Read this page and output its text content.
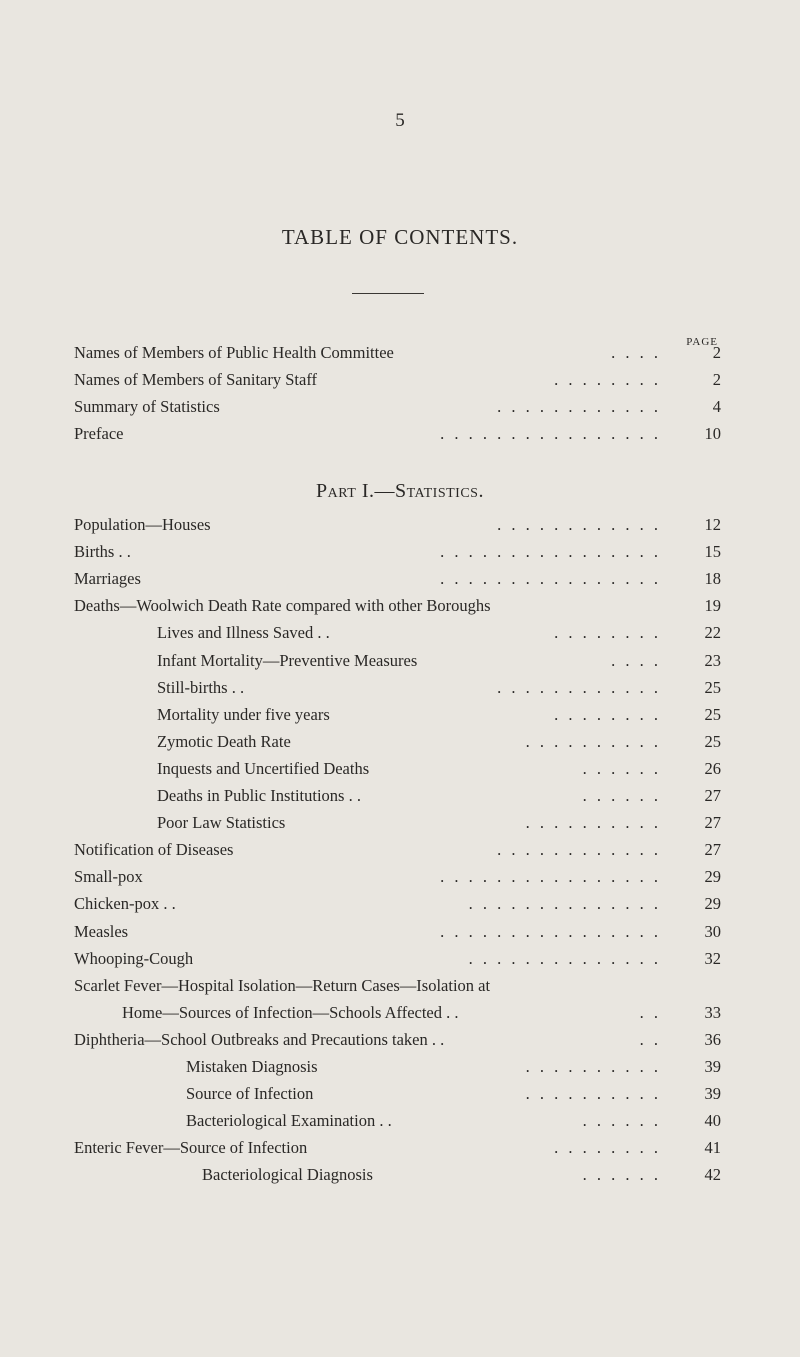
5
TABLE OF CONTENTS.
PAGE
Part I.—Statistics.
Names of Members of Public Health Committee	. . . .	2
Names of Members of Sanitary Staff	. . . . . . . .	2
Summary of Statistics	. . . . . . . . . . . .	4
Preface	. . . . . . . . . . . . . . . .	10
Population—Houses	. . . . . . . . . . . .	12
Births . .	. . . . . . . . . . . . . . . .	15
Marriages	. . . . . . . . . . . . . . . .	18
Deaths—Woolwich Death Rate compared with other Boroughs	19
Lives and Illness Saved . .	. . . . . . . .	22
Infant Mortality—Preventive Measures	. . . .	23
Still-births . .	. . . . . . . . . . . .	25
Mortality under five years	. . . . . . . .	25
Zymotic Death Rate	. . . . . . . . . .	25
Inquests and Uncertified Deaths	. . . . . .	26
Deaths in Public Institutions . .	. . . . . .	27
Poor Law Statistics	. . . . . . . . . .	27
Notification of Diseases	. . . . . . . . . . . .	27
Small-pox	. . . . . . . . . . . . . . . .	29
Chicken-pox . .	. . . . . . . . . . . . . .	29
Measles	. . . . . . . . . . . . . . . .	30
Whooping-Cough	. . . . . . . . . . . . . .	32
Scarlet Fever—Hospital Isolation—Return Cases—Isolation at
Home—Sources of Infection—Schools Affected . .	. .	33
Diphtheria—School Outbreaks and Precautions taken . .	. .	36
Mistaken Diagnosis	. . . . . . . . . .	39
Source of Infection	. . . . . . . . . .	39
Bacteriological Examination . .	. . . . . .	40
Enteric Fever—Source of Infection	. . . . . . . .	41
Bacteriological Diagnosis	. . . . . .	42
